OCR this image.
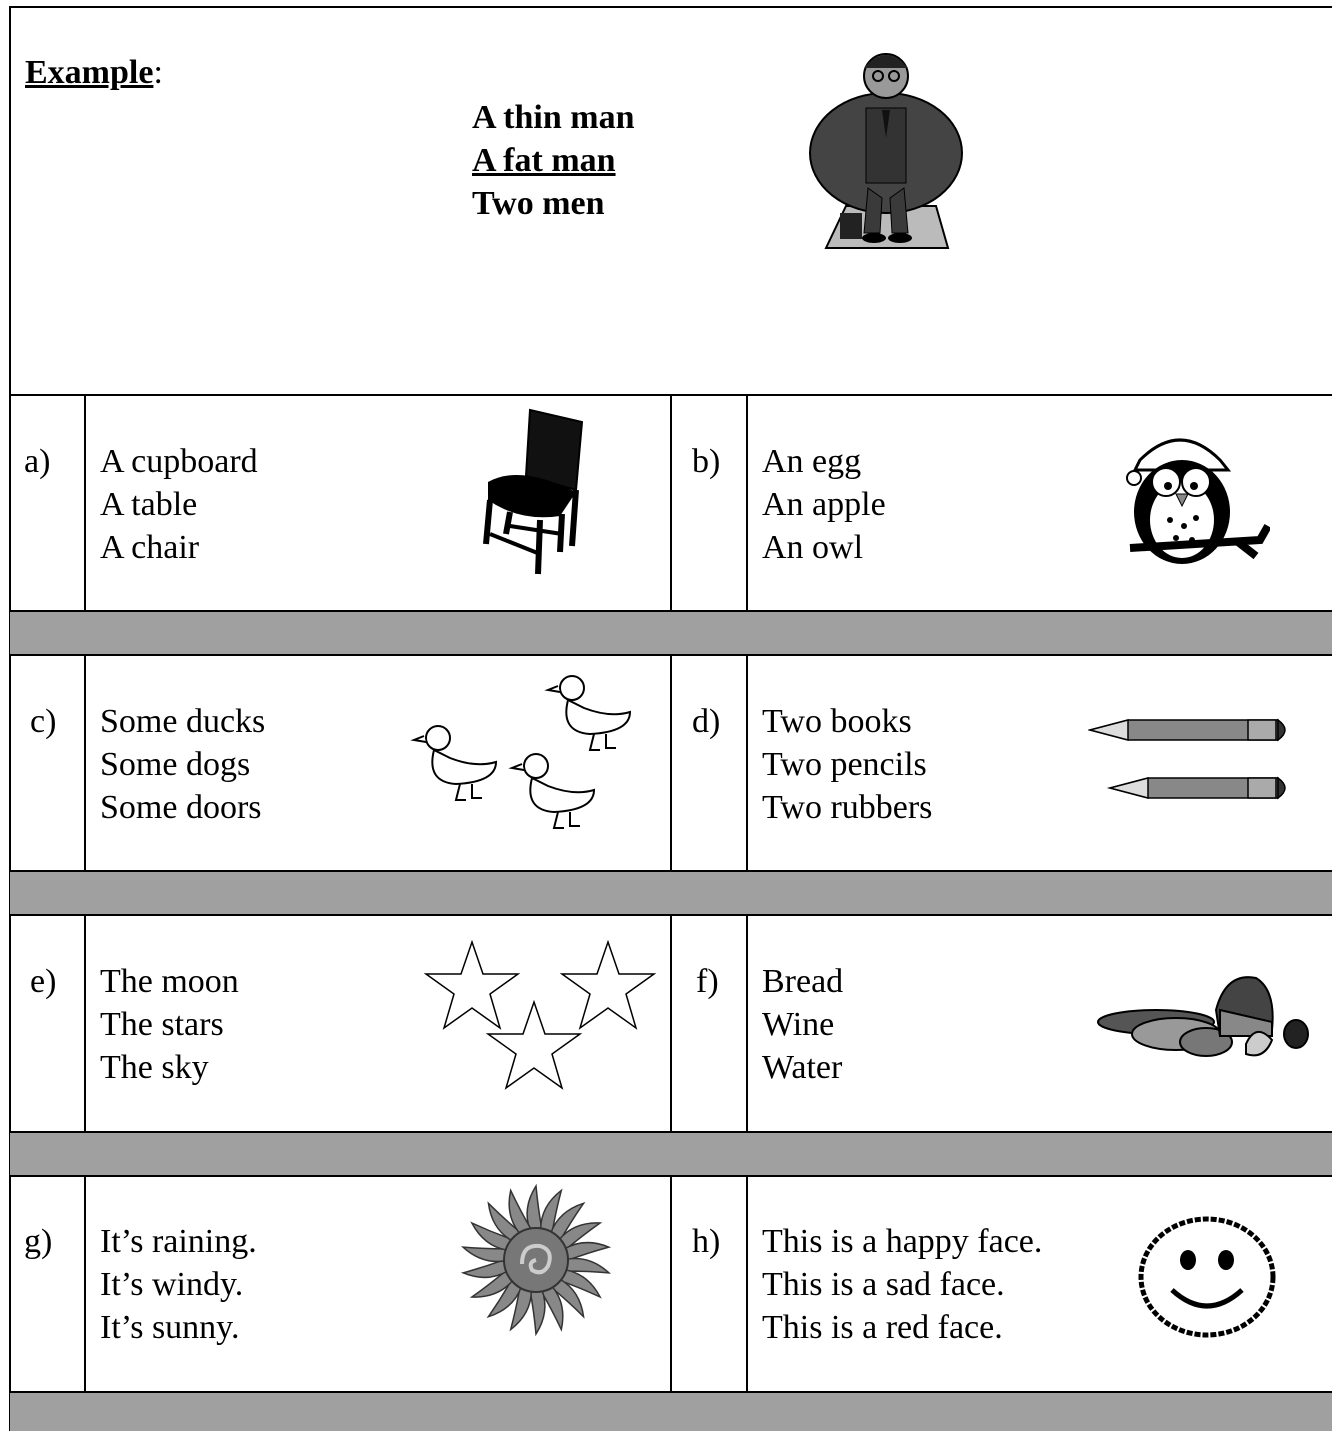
Example:
A thin man
A fat man
Two men
a) A cupboard
A table
A chair
b) An egg
An apple
An owl
c) Some ducks
Some dogs
Some doors
d) Two books
Two pencils
Two rubbers
e) The moon
The stars
The sky
f) Bread
Wine
Water
g) It’s raining.
It’s windy.
It’s sunny.
h) This is a happy face.
This is a sad face.
This is a red face.
